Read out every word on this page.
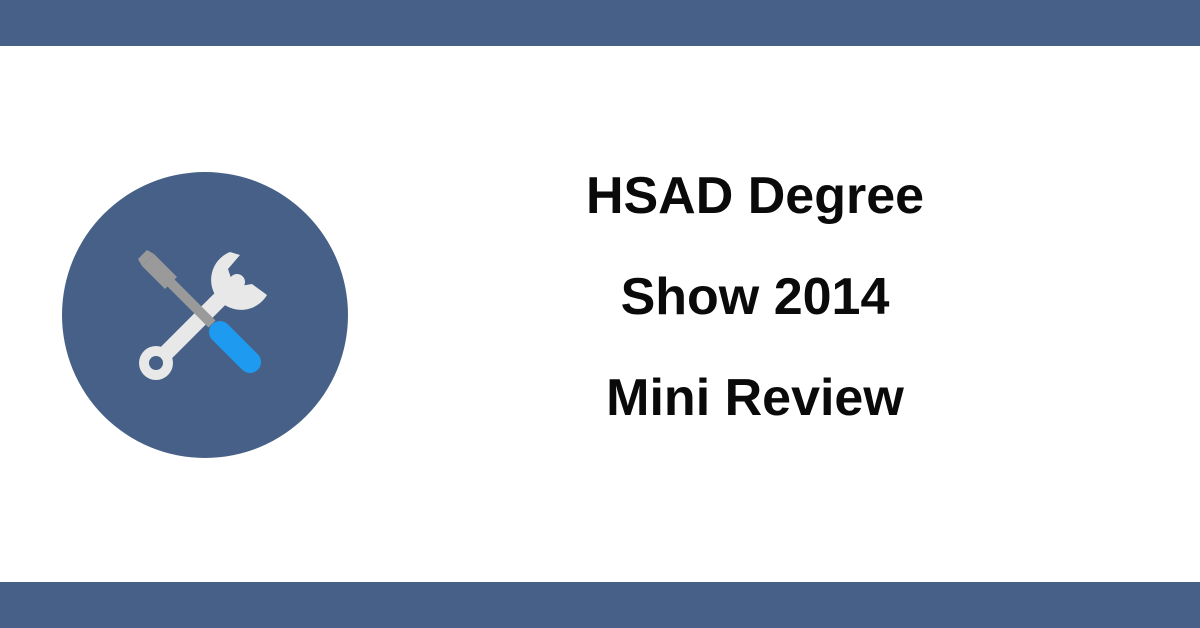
HSAD Degree
Show 2014
Mini Review
